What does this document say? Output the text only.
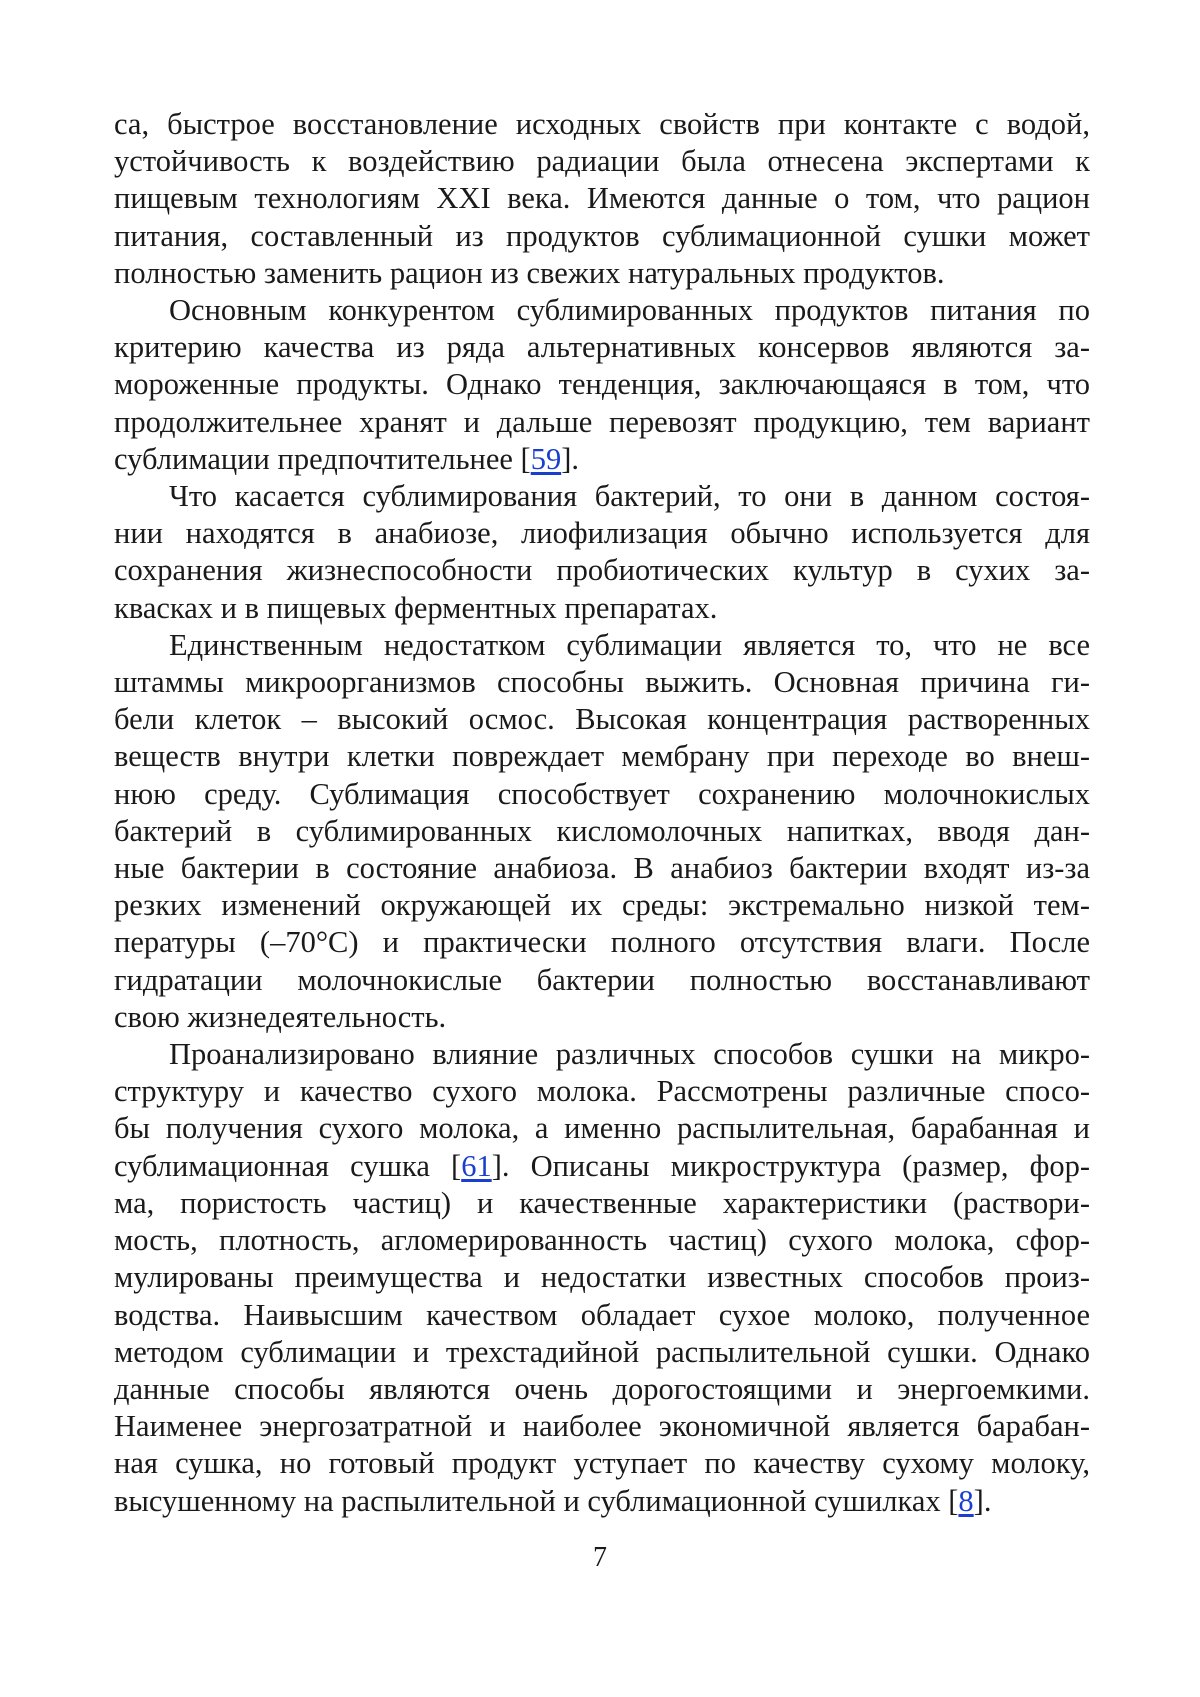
са, быстрое восстановление исходных свойств при контакте с водой,
устойчивость к воздействию радиации была отнесена экспертами к
пищевым технологиям XXI века. Имеются данные о том, что рацион
питания, составленный из продуктов сублимационной сушки может
полностью заменить рацион из свежих натуральных продуктов.
Основным конкурентом сублимированных продуктов питания по
критерию качества из ряда альтернативных консервов являются за-
мороженные продукты. Однако тенденция, заключающаяся в том, что
продолжительнее хранят и дальше перевозят продукцию, тем вариант
сублимации предпочтительнее [59].
Что касается сублимирования бактерий, то они в данном состоя-
нии находятся в анабиозе, лиофилизация обычно используется для
сохранения жизнеспособности пробиотических культур в сухих за-
квасках и в пищевых ферментных препаратах.
Единственным недостатком сублимации является то, что не все
штаммы микроорганизмов способны выжить. Основная причина ги-
бели клеток – высокий осмос. Высокая концентрация растворенных
веществ внутри клетки повреждает мембрану при переходе во внеш-
нюю среду. Сублимация способствует сохранению молочнокислых
бактерий в сублимированных кисломолочных напитках, вводя дан-
ные бактерии в состояние анабиоза. В анабиоз бактерии входят из-за
резких изменений окружающей их среды: экстремально низкой тем-
пературы (–70°С) и практически полного отсутствия влаги. После
гидратации молочнокислые бактерии полностью восстанавливают
свою жизнедеятельность.
Проанализировано влияние различных способов сушки на микро-
структуру и качество сухого молока. Рассмотрены различные спосо-
бы получения сухого молока, а именно распылительная, барабанная и
сублимационная сушка [61]. Описаны микроструктура (размер, фор-
ма, пористость частиц) и качественные характеристики (раствори-
мость, плотность, агломерированность частиц) сухого молока, сфор-
мулированы преимущества и недостатки известных способов произ-
водства. Наивысшим качеством обладает сухое молоко, полученное
методом сублимации и трехстадийной распылительной сушки. Однако
данные способы являются очень дорогостоящими и энергоемкими.
Наименее энергозатратной и наиболее экономичной является барабан-
ная сушка, но готовый продукт уступает по качеству сухому молоку,
высушенному на распылительной и сублимационной сушилках [8].
7
